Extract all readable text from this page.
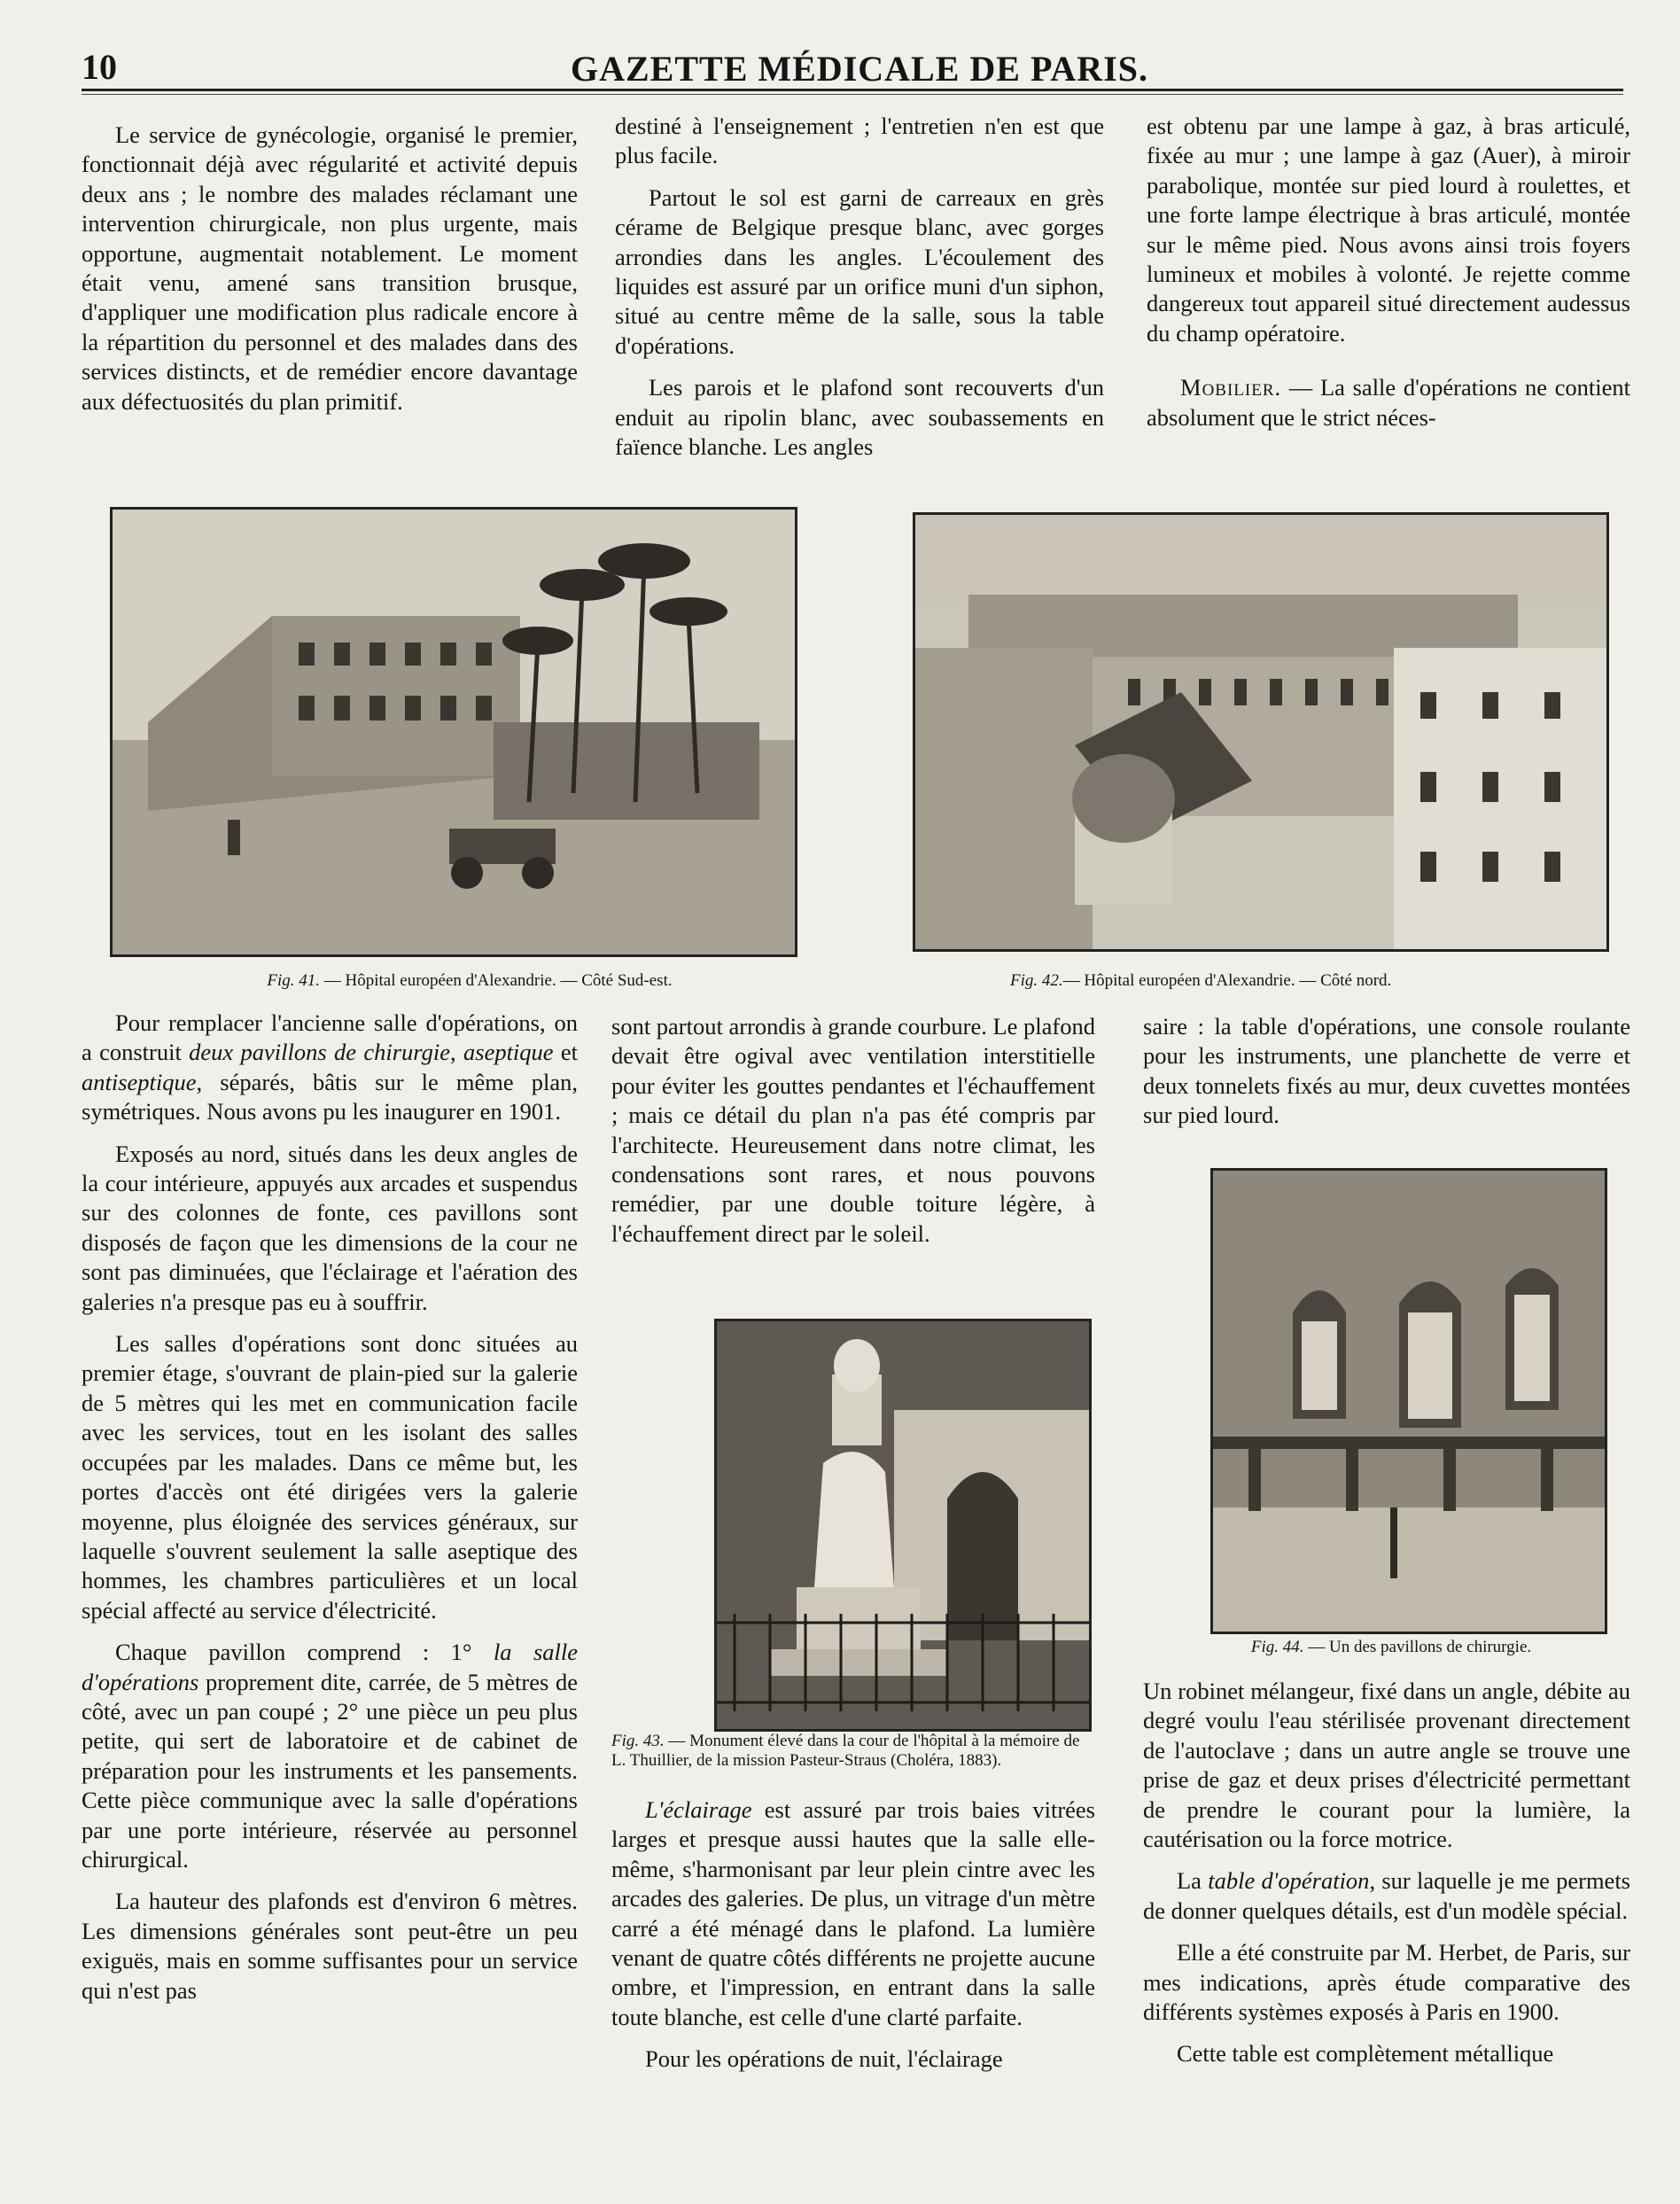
10	GAZETTE MÉDICALE DE PARIS.

Le service de gynécologie, organisé le premier, fonctionnait déjà avec régularité et activité depuis deux ans ; le nombre des malades réclamant une intervention chirurgicale, non plus urgente, mais opportune, augmentait notablement. Le moment était venu, amené sans transition brusque, d'appliquer une modification plus radicale encore à la répartition du personnel et des malades dans des services distincts, et de remédier encore davantage aux défectuosités du plan primitif.

destiné à l'enseignement ; l'entretien n'en est que plus facile.

Partout le sol est garni de carreaux en grès cérame de Belgique presque blanc, avec gorges arrondies dans les angles. L'écoulement des liquides est assuré par un orifice muni d'un siphon, situé au centre même de la salle, sous la table d'opérations.

Les parois et le plafond sont recouverts d'un enduit au ripolin blanc, avec soubassements en faïence blanche. Les angles

est obtenu par une lampe à gaz, à bras articulé, fixée au mur ; une lampe à gaz (Auer), à miroir parabolique, montée sur pied lourd à roulettes, et une forte lampe électrique à bras articulé, montée sur le même pied. Nous avons ainsi trois foyers lumineux et mobiles à volonté. Je rejette comme dangereux tout appareil situé directement audessus du champ opératoire.

Mobilier. — La salle d'opérations ne contient absolument que le strict néces-

Fig. 41. — Hôpital européen d'Alexandrie. — Côté Sud-est.	Fig. 42.— Hôpital européen d'Alexandrie. — Côté nord.

Pour remplacer l'ancienne salle d'opérations, on a construit deux pavillons de chirurgie, aseptique et antiseptique, séparés, bâtis sur le même plan, symétriques. Nous avons pu les inaugurer en 1901.

Exposés au nord, situés dans les deux angles de la cour intérieure, appuyés aux arcades et suspendus sur des colonnes de fonte, ces pavillons sont disposés de façon que les dimensions de la cour ne sont pas diminuées, que l'éclairage et l'aération des galeries n'a presque pas eu à souffrir.

Les salles d'opérations sont donc situées au premier étage, s'ouvrant de plain-pied sur la galerie de 5 mètres qui les met en communication facile avec les services, tout en les isolant des salles occupées par les malades. Dans ce même but, les portes d'accès ont été dirigées vers la galerie moyenne, plus éloignée des services généraux, sur laquelle s'ouvrent seulement la salle aseptique des hommes, les chambres particulières et un local spécial affecté au service d'électricité.

Chaque pavillon comprend : 1° la salle d'opérations proprement dite, carrée, de 5 mètres de côté, avec un pan coupé ; 2° une pièce un peu plus petite, qui sert de laboratoire et de cabinet de préparation pour les instruments et les pansements. Cette pièce communique avec la salle d'opérations par une porte intérieure, réservée au personnel chirurgical.

La hauteur des plafonds est d'environ 6 mètres. Les dimensions générales sont peut-être un peu exiguës, mais en somme suffisantes pour un service qui n'est pas

sont partout arrondis à grande courbure. Le plafond devait être ogival avec ventilation interstitielle pour éviter les gouttes pendantes et l'échauffement ; mais ce détail du plan n'a pas été compris par l'architecte. Heureusement dans notre climat, les condensations sont rares, et nous pouvons remédier, par une double toiture légère, à l'échauffement direct par le soleil.

Fig. 43. — Monument élevé dans la cour de l'hôpital à la mémoire de L. Thuillier, de la mission Pasteur-Straus (Choléra, 1883).

L'éclairage est assuré par trois baies vitrées larges et presque aussi hautes que la salle elle-même, s'harmonisant par leur plein cintre avec les arcades des galeries. De plus, un vitrage d'un mètre carré a été ménagé dans le plafond. La lumière venant de quatre côtés différents ne projette aucune ombre, et l'impression, en entrant dans la salle toute blanche, est celle d'une clarté parfaite.

Pour les opérations de nuit, l'éclairage

saire : la table d'opérations, une console roulante pour les instruments, une planchette de verre et deux tonnelets fixés au mur, deux cuvettes montées sur pied lourd.

Fig. 44. — Un des pavillons de chirurgie.

Un robinet mélangeur, fixé dans un angle, débite au degré voulu l'eau stérilisée provenant directement de l'autoclave ; dans un autre angle se trouve une prise de gaz et deux prises d'électricité permettant de prendre le courant pour la lumière, la cautérisation ou la force motrice.

La table d'opération, sur laquelle je me permets de donner quelques détails, est d'un modèle spécial.

Elle a été construite par M. Herbet, de Paris, sur mes indications, après étude comparative des différents systèmes exposés à Paris en 1900.

Cette table est complètement métallique
